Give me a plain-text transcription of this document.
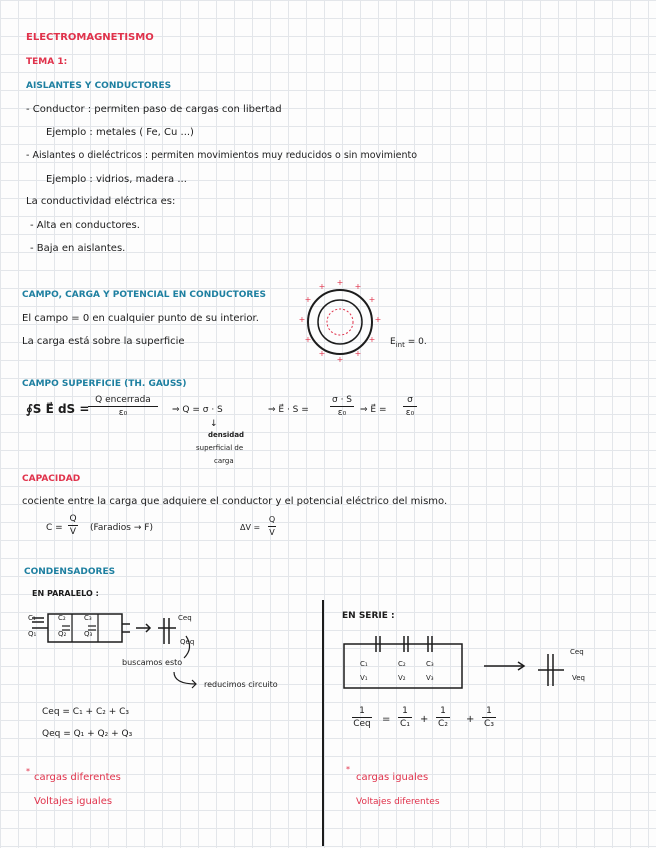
ELECTROMAGNETISMO
TEMA 1:
AISLANTES Y CONDUCTORES
- Conductor : permiten paso de cargas con libertad
Ejemplo : metales ( Fe, Cu ...)
- Aislantes o dieléctricos : permiten movimientos muy reducidos o sin movimiento
Ejemplo : vidrios, madera ...
La conductividad eléctrica es:
- Alta en conductores.
- Baja en aislantes.
CAMPO, CARGA Y POTENCIAL EN CONDUCTORES
El campo = 0 en cualquier punto de su interior.
La carga está sobre la superficie
+ +
+
+
+
+
+
+
+
+
+
+
$E_{int} = 0$.
CAMPO SUPERFICIE (TH. GAUSS)
∮S E⃗ dS =
Q encerrada
ε₀	⇒ Q = σ · S
↓
densidad
superficial de
carga
⇒ E⃗ · S =
σ · S
ε₀ ⇒ E⃗ =
σ
ε₀
CAPACIDAD
cociente entre la carga que adquiere el conductor y el potencial eléctrico del mismo.
C =
Q
V (Faradios → F)	ΔV =
Q
V
CONDENSADORES
EN PARALELO :
C₁
Q₁
C₂
Q₂
C₃
Q₃
Ceq
Qeq
buscamos esto
reducimos circuito
Ceq = C₁ + C₂ + C₃
Qeq = Q₁ + Q₂ + Q₃
*
cargas diferentes
Voltajes iguales
EN SERIE :
C₁
V₁
C₂
V₂
C₃
V₃
Ceq
Veq
1
Ceq =
1
C₁ +
1
C₂ +
1
C₃
*
cargas iguales
Voltajes diferentes
